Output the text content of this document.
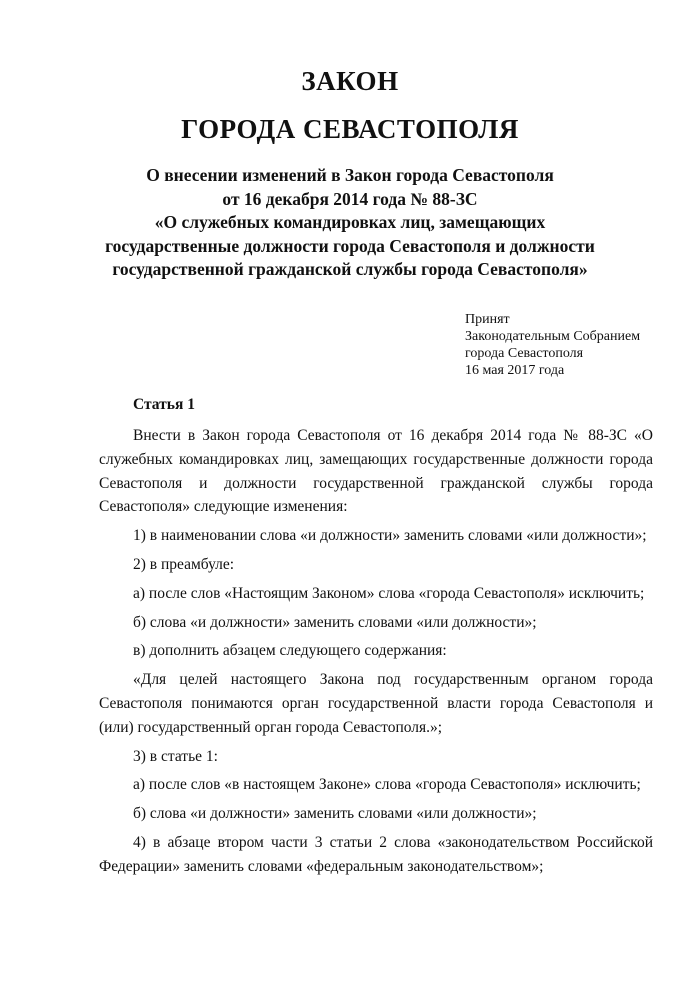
ЗАКОН
ГОРОДА СЕВАСТОПОЛЯ
О внесении изменений в Закон города Севастополя
от 16 декабря 2014 года № 88-ЗС
«О служебных командировках лиц, замещающих
государственные должности города Севастополя и должности
государственной гражданской службы города Севастополя»
Принят
Законодательным Собранием
города Севастополя
16 мая 2017 года
Статья 1

Внести в Закон города Севастополя от 16 декабря 2014 года № 88-ЗС «О служебных командировках лиц, замещающих государственные должности города Севастополя и должности государственной гражданской службы города Севастополя» следующие изменения:

1) в наименовании слова «и должности» заменить словами «или должности»;

2) в преамбуле:

а) после слов «Настоящим Законом» слова «города Севастополя» исключить;

б) слова «и должности» заменить словами «или должности»;

в) дополнить абзацем следующего содержания:

«Для целей настоящего Закона под государственным органом города Севастополя понимаются орган государственной власти города Севастополя и (или) государственный орган города Севастополя.»;

3) в статье 1:

а) после слов «в настоящем Законе» слова «города Севастополя» исключить;

б) слова «и должности» заменить словами «или должности»;

4) в абзаце втором части 3 статьи 2 слова «законодательством Российской Федерации» заменить словами «федеральным законодательством»;
